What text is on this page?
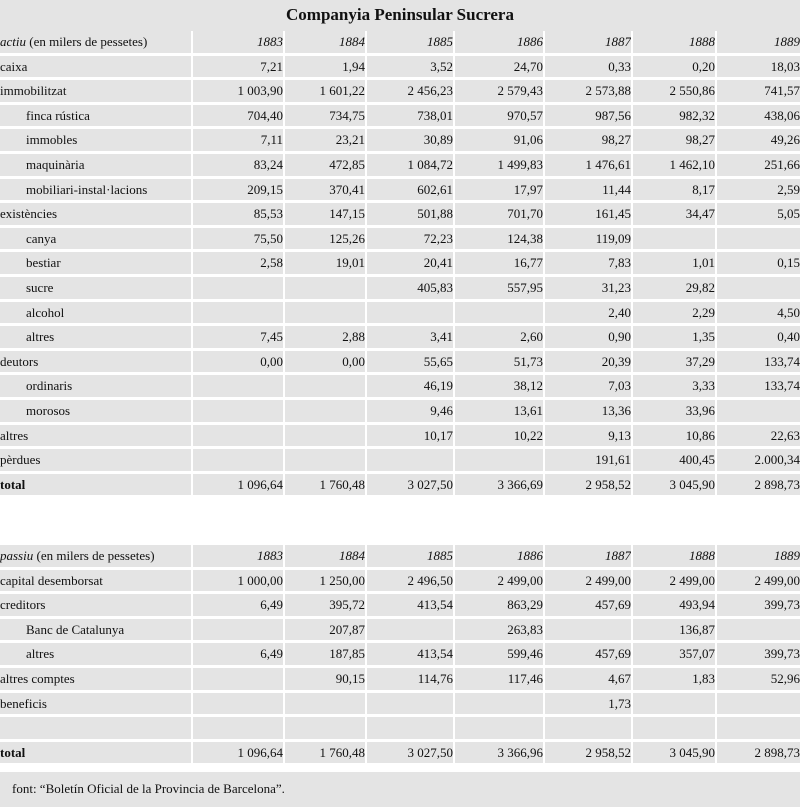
Companyia Peninsular Sucrera
actiu (en milers de pessetes)	1883	1884	1885	1886	1887	1888	1889
caixa	7,21	1,94	3,52	24,70	0,33	0,20	18,03
immobilitzat	1 003,90	1 601,22	2 456,23	2 579,43	2 573,88	2 550,86	741,57
finca rústica	704,40	734,75	738,01	970,57	987,56	982,32	438,06
immobles	7,11	23,21	30,89	91,06	98,27	98,27	49,26
maquinària	83,24	472,85	1 084,72	1 499,83	1 476,61	1 462,10	251,66
mobiliari-instal·lacions	209,15	370,41	602,61	17,97	11,44	8,17	2,59
existències	85,53	147,15	501,88	701,70	161,45	34,47	5,05
canya	75,50	125,26	72,23	124,38	119,09		
bestiar	2,58	19,01	20,41	16,77	7,83	1,01	0,15
sucre			405,83	557,95	31,23	29,82	
alcohol					2,40	2,29	4,50
altres	7,45	2,88	3,41	2,60	0,90	1,35	0,40
deutors	0,00	0,00	55,65	51,73	20,39	37,29	133,74
ordinaris			46,19	38,12	7,03	3,33	133,74
morosos			9,46	13,61	13,36	33,96	
altres			10,17	10,22	9,13	10,86	22,63
pèrdues					191,61	400,45	2.000,34
total	1 096,64	1 760,48	3 027,50	3 366,69	2 958,52	3 045,90	2 898,73
passiu (en milers de pessetes)	1883	1884	1885	1886	1887	1888	1889
capital desemborsat	1 000,00	1 250,00	2 496,50	2 499,00	2 499,00	2 499,00	2 499,00
creditors	6,49	395,72	413,54	863,29	457,69	493,94	399,73
Banc de Catalunya		207,87		263,83		136,87	
altres	6,49	187,85	413,54	599,46	457,69	357,07	399,73
altres comptes		90,15	114,76	117,46	4,67	1,83	52,96
beneficis					1,73		

total	1 096,64	1 760,48	3 027,50	3 366,96	2 958,52	3 045,90	2 898,73
font: “Boletín Oficial de la Provincia de Barcelona”.
